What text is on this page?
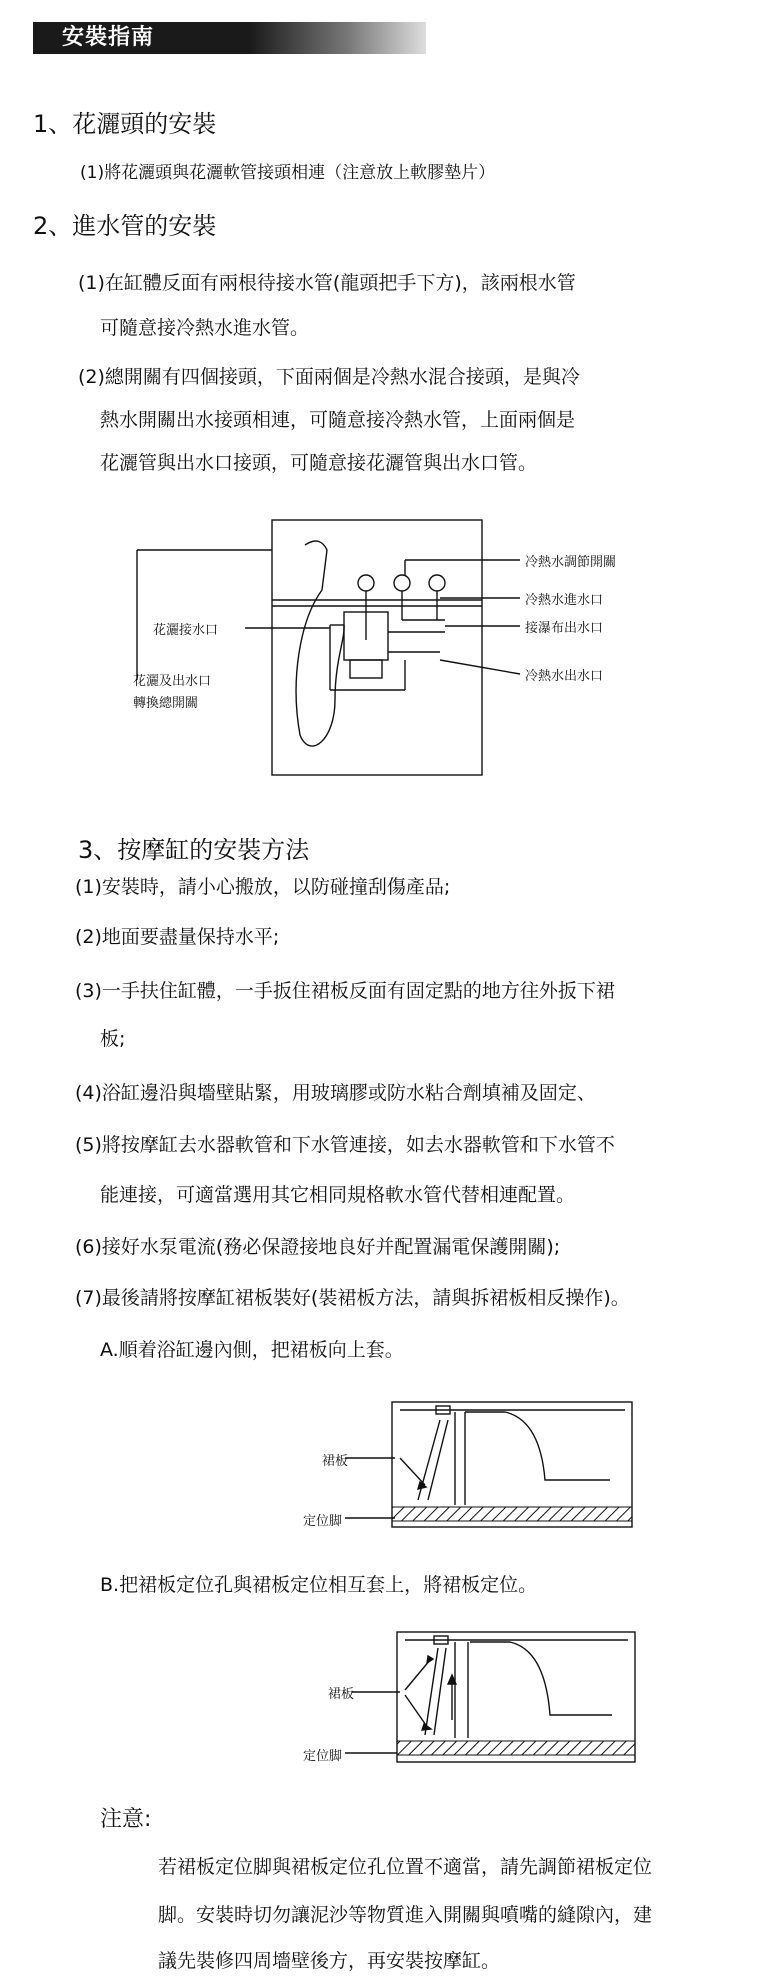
安裝指南
1、花灑頭的安裝
(1)將花灑頭與花灑軟管接頭相連（注意放上軟膠墊片）
2、進水管的安裝
(1)在缸體反面有兩根待接水管(龍頭把手下方)，該兩根水管
可隨意接冷熱水進水管。
(2)總開關有四個接頭，下面兩個是冷熱水混合接頭，是與冷
熱水開關出水接頭相連，可隨意接冷熱水管，上面兩個是
花灑管與出水口接頭，可隨意接花灑管與出水口管。
花灑接水口
花灑及出水口
轉換總開關
冷熱水調節開關
冷熱水進水口
接瀑布出水口
冷熱水出水口
3、按摩缸的安裝方法
(1)安裝時，請小心搬放，以防碰撞刮傷產品;
(2)地面要盡量保持水平;
(3)一手扶住缸體，一手扳住裙板反面有固定點的地方往外扳下裙
板;
(4)浴缸邊沿與墻壁貼緊，用玻璃膠或防水粘合劑填補及固定、
(5)將按摩缸去水器軟管和下水管連接，如去水器軟管和下水管不
能連接，可適當選用其它相同規格軟水管代替相連配置。
(6)接好水泵電流(務必保證接地良好并配置漏電保護開關);
(7)最後請將按摩缸裙板裝好(裝裙板方法，請與拆裙板相反操作)。
A.順着浴缸邊內側，把裙板向上套。
裙板
定位脚
B.把裙板定位孔與裙板定位相互套上，將裙板定位。
裙板
定位脚
注意:
若裙板定位脚與裙板定位孔位置不適當，請先調節裙板定位
脚。安裝時切勿讓泥沙等物質進入開關與噴嘴的縫隙內，建
議先裝修四周墻壁後方，再安裝按摩缸。
